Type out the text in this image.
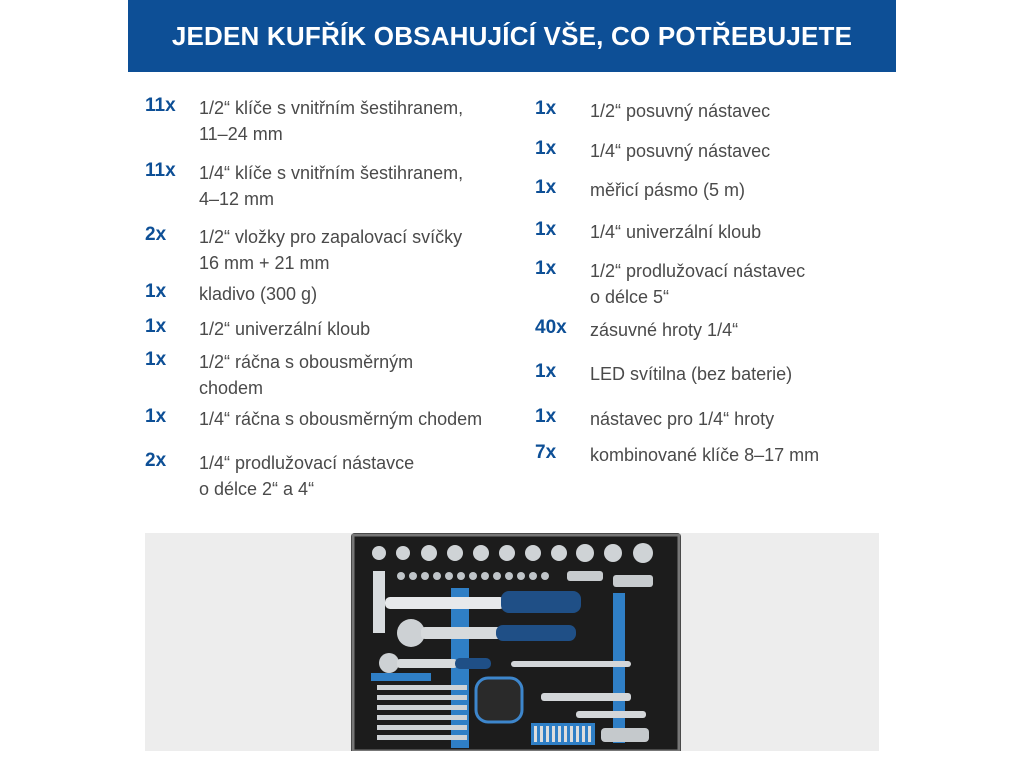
JEDEN KUFŘÍK OBSAHUJÍCÍ VŠE, CO POTŘEBUJETE
11x 1/2“ klíče s vnitřním šestihranem,
11–24 mm
11x 1/4“ klíče s vnitřním šestihranem,
4–12 mm
2x 1/2“ vložky pro zapalovací svíčky
16 mm + 21 mm
1x kladivo (300 g)
1x 1/2“ univerzální kloub
1x 1/2“ ráčna s obousměrným
chodem
1x 1/4“ ráčna s obousměrným chodem
2x 1/4“ prodlužovací nástavce
o délce 2“ a 4“
1x 1/2“ posuvný nástavec
1x 1/4“ posuvný nástavec
1x měřicí pásmo (5 m)
1x 1/4“ univerzální kloub
1x 1/2“ prodlužovací nástavec
o délce 5“
40x zásuvné hroty 1/4“
1x LED svítilna (bez baterie)
1x nástavec pro 1/4“ hroty
7x kombinované klíče 8–17 mm
